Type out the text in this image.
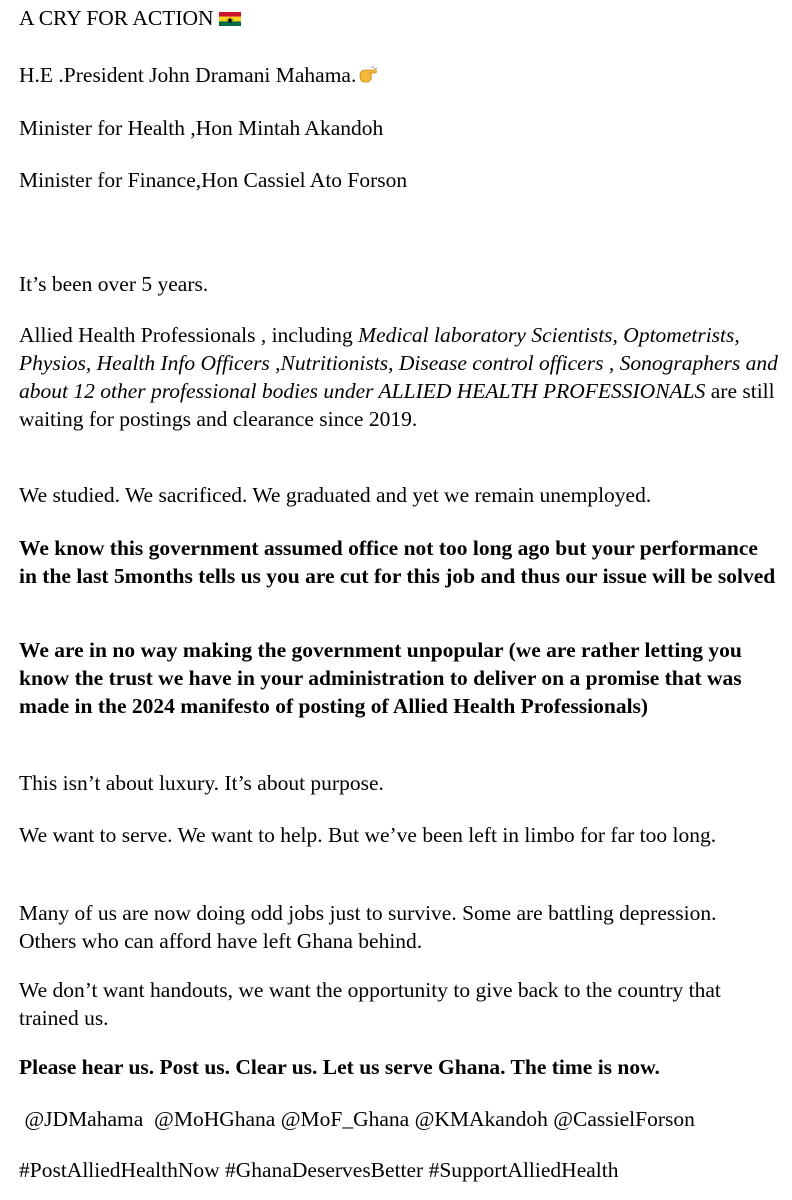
A CRY FOR ACTION
H.E .President John Dramani Mahama.
Minister for Health ,Hon Mintah Akandoh
Minister for Finance,Hon Cassiel Ato Forson
It’s been over 5 years.
Allied Health Professionals , including Medical laboratory Scientists, Optometrists, Physios, Health Info Officers ,Nutritionists, Disease control officers , Sonographers and about 12 other professional bodies under ALLIED HEALTH PROFESSIONALS are still waiting for postings and clearance since 2019.
We studied. We sacrificed. We graduated and yet we remain unemployed.
We know this government assumed office not too long ago but your performance in the last 5months tells us you are cut for this job and thus our issue will be solved
We are in no way making the government unpopular (we are rather letting you know the trust we have in your administration to deliver on a promise that was made in the 2024 manifesto of posting of Allied Health Professionals)
This isn’t about luxury. It’s about purpose.
We want to serve. We want to help. But we’ve been left in limbo for far too long.
Many of us are now doing odd jobs just to survive. Some are battling depression. Others who can afford have left Ghana behind.
We don’t want handouts, we want the opportunity to give back to the country that trained us.
Please hear us. Post us. Clear us. Let us serve Ghana. The time is now.
@JDMahama  @MoHGhana @MoF_Ghana @KMAkandoh @CassielForson
#PostAlliedHealthNow #GhanaDeservesBetter #SupportAlliedHealth
